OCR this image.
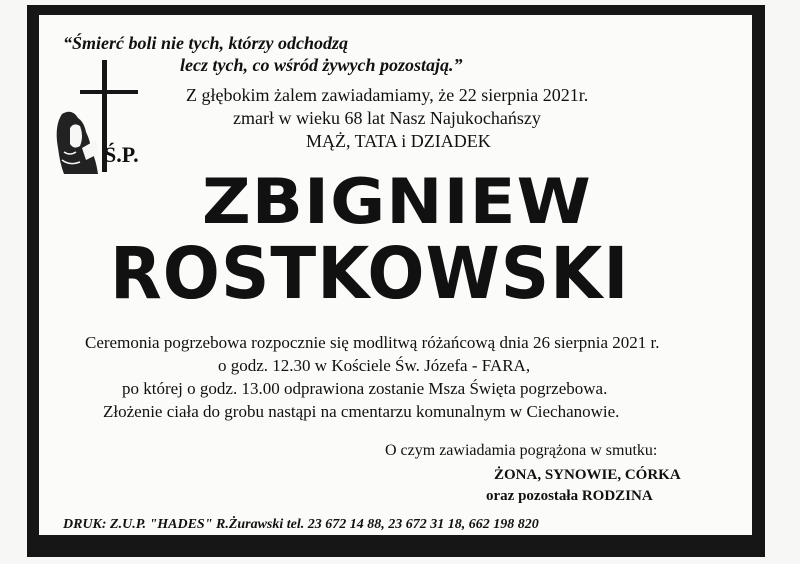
“Śmierć boli nie tych, którzy odchodzą
lecz tych, co wśród żywych pozostają.”
Ś.P.
Z głębokim żalem zawiadamiamy, że 22 sierpnia 2021r.
zmarł w wieku 68 lat Nasz Najukochańszy
MĄŻ, TATA i DZIADEK
ZBIGNIEW
ROSTKOWSKI
Ceremonia pogrzebowa rozpocznie się modlitwą różańcową dnia 26 sierpnia 2021 r.
o godz. 12.30 w Kościele Św. Józefa - FARA,
po której o godz. 13.00 odprawiona zostanie Msza Święta pogrzebowa.
Złożenie ciała do grobu nastąpi na cmentarzu komunalnym w Ciechanowie.
O czym zawiadamia pogrążona w smutku:
ŻONA, SYNOWIE, CÓRKA
oraz pozostała RODZINA
DRUK: Z.U.P. "HADES" R.Żurawski tel. 23 672 14 88, 23 672 31 18, 662 198 820
